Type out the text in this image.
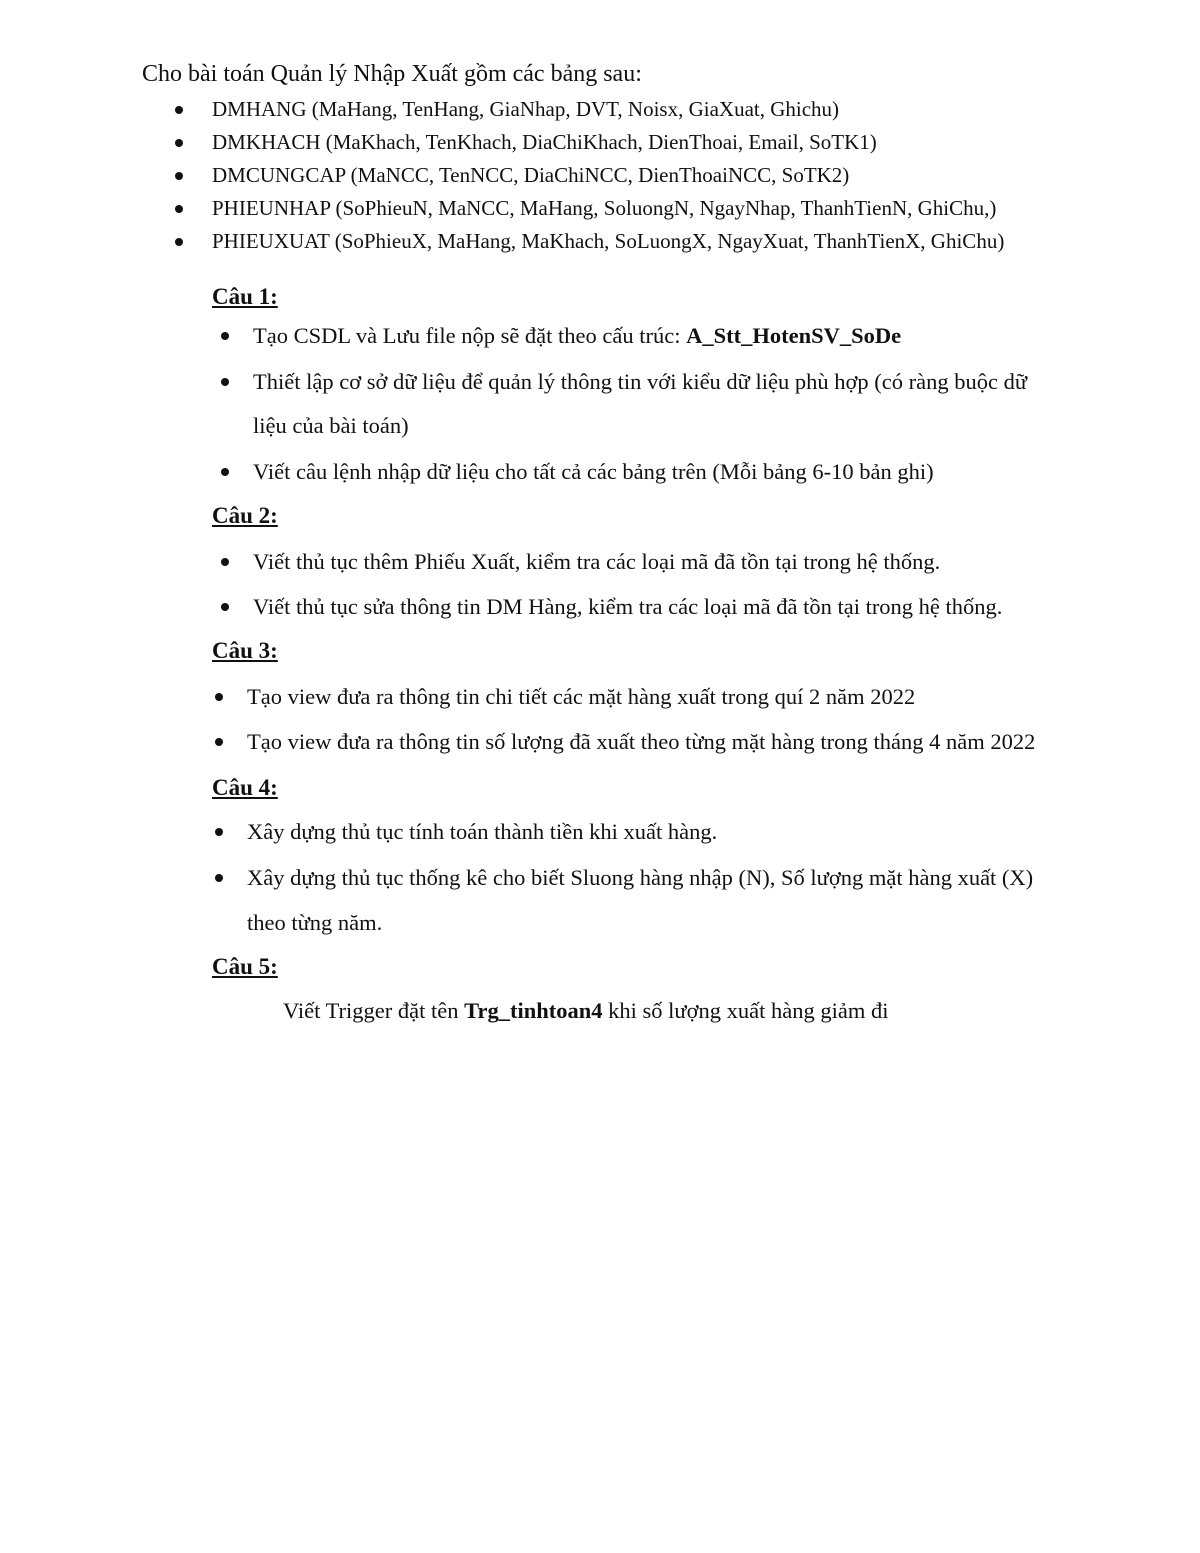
Cho bài toán Quản lý Nhập Xuất gồm các bảng sau:
DMHANG (MaHang, TenHang, GiaNhap, DVT, Noisx, GiaXuat, Ghichu)
DMKHACH (MaKhach, TenKhach, DiaChiKhach, DienThoai, Email, SoTK1)
DMCUNGCAP (MaNCC, TenNCC, DiaChiNCC, DienThoaiNCC, SoTK2)
PHIEUNHAP (SoPhieuN, MaNCC, MaHang, SoluongN, NgayNhap, ThanhTienN, GhiChu,)
PHIEUXUAT (SoPhieuX, MaHang, MaKhach, SoLuongX, NgayXuat, ThanhTienX, GhiChu)
Câu 1:
Tạo CSDL và Lưu file nộp sẽ đặt theo cấu trúc: A_Stt_HotenSV_SoDe
Thiết lập cơ sở dữ liệu để quản lý thông tin với kiểu dữ liệu phù hợp (có ràng buộc dữ
liệu của bài toán)
Viết câu lệnh nhập dữ liệu cho tất cả các bảng trên (Mỗi bảng 6-10 bản ghi)
Câu 2:
Viết thủ tục thêm Phiếu Xuất, kiểm tra các loại mã đã tồn tại trong hệ thống.
Viết thủ tục sửa thông tin DM Hàng, kiểm tra các loại mã đã tồn tại trong hệ thống.
Câu 3:
Tạo view đưa ra thông tin chi tiết các mặt hàng xuất trong quí 2 năm 2022
Tạo view đưa ra thông tin số lượng đã xuất theo từng mặt hàng trong tháng 4 năm 2022
Câu 4:
Xây dựng thủ tục tính toán thành tiền khi xuất hàng.
Xây dựng thủ tục thống kê cho biết Sluong hàng nhập (N), Số lượng mặt hàng xuất (X)
theo từng năm.
Câu 5:
Viết Trigger đặt tên Trg_tinhtoan4 khi số lượng xuất hàng giảm đi
